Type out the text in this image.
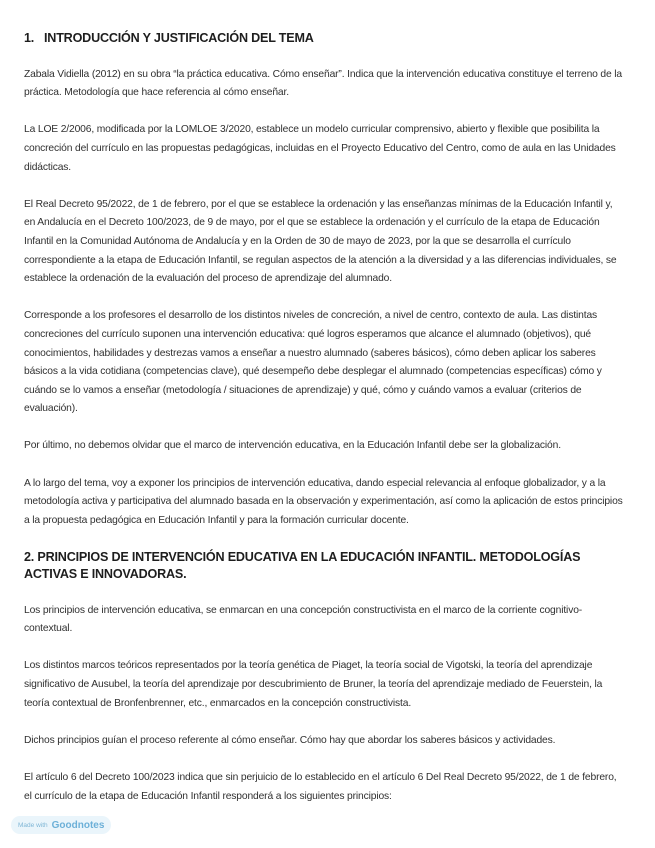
1. INTRODUCCIÓN Y JUSTIFICACIÓN DEL TEMA

Zabala Vidiella (2012) en su obra “la práctica educativa. Cómo enseñar”. Indica que la intervención educativa constituye el terreno de la práctica. Metodología que hace referencia al cómo enseñar.

La LOE 2/2006, modificada por la LOMLOE 3/2020, establece un modelo curricular comprensivo, abierto y flexible que posibilita la concreción del currículo en las propuestas pedagógicas, incluidas en el Proyecto Educativo del Centro, como de aula en las Unidades didácticas.

El Real Decreto 95/2022, de 1 de febrero, por el que se establece la ordenación y las enseñanzas mínimas de la Educación Infantil y, en Andalucía en el Decreto 100/2023, de 9 de mayo, por el que se establece la ordenación y el currículo de la etapa de Educación Infantil en la Comunidad Autónoma de Andalucía y en la Orden de 30 de mayo de 2023, por la que se desarrolla el currículo correspondiente a la etapa de Educación Infantil, se regulan aspectos de la atención a la diversidad y a las diferencias individuales, se establece la ordenación de la evaluación del proceso de aprendizaje del alumnado.

Corresponde a los profesores el desarrollo de los distintos niveles de concreción, a nivel de centro, contexto de aula. Las distintas concreciones del currículo suponen una intervención educativa: qué logros esperamos que alcance el alumnado (objetivos), qué conocimientos, habilidades y destrezas vamos a enseñar a nuestro alumnado (saberes básicos), cómo deben aplicar los saberes básicos a la vida cotidiana (competencias clave), qué desempeño debe desplegar el alumnado (competencias específicas) cómo y cuándo se lo vamos a enseñar (metodología / situaciones de aprendizaje) y qué, cómo y cuándo vamos a evaluar (criterios de evaluación).

Por último, no debemos olvidar que el marco de intervención educativa, en la Educación Infantil debe ser la globalización.

A lo largo del tema, voy a exponer los principios de intervención educativa, dando especial relevancia al enfoque globalizador, y a la metodología activa y participativa del alumnado basada en la observación y experimentación, así como la aplicación de estos principios a la propuesta pedagógica en Educación Infantil y para la formación curricular docente.

2. PRINCIPIOS DE INTERVENCIÓN EDUCATIVA EN LA EDUCACIÓN INFANTIL. METODOLOGÍAS ACTIVAS E INNOVADORAS.

Los principios de intervención educativa, se enmarcan en una concepción constructivista en el marco de la corriente cognitivo-contextual.

Los distintos marcos teóricos representados por la teoría genética de Piaget, la teoría social de Vigotski, la teoría del aprendizaje significativo de Ausubel, la teoría del aprendizaje por descubrimiento de Bruner, la teoría del aprendizaje mediado de Feuerstein, la teoría contextual de Bronfenbrenner, etc., enmarcados en la concepción constructivista.

Dichos principios guían el proceso referente al cómo enseñar. Cómo hay que abordar los saberes básicos y actividades.

El artículo 6 del Decreto 100/2023 indica que sin perjuicio de lo establecido en el artículo 6 Del Real Decreto 95/2022, de 1 de febrero, el currículo de la etapa de Educación Infantil responderá a los siguientes principios:

Made with Goodnotes
